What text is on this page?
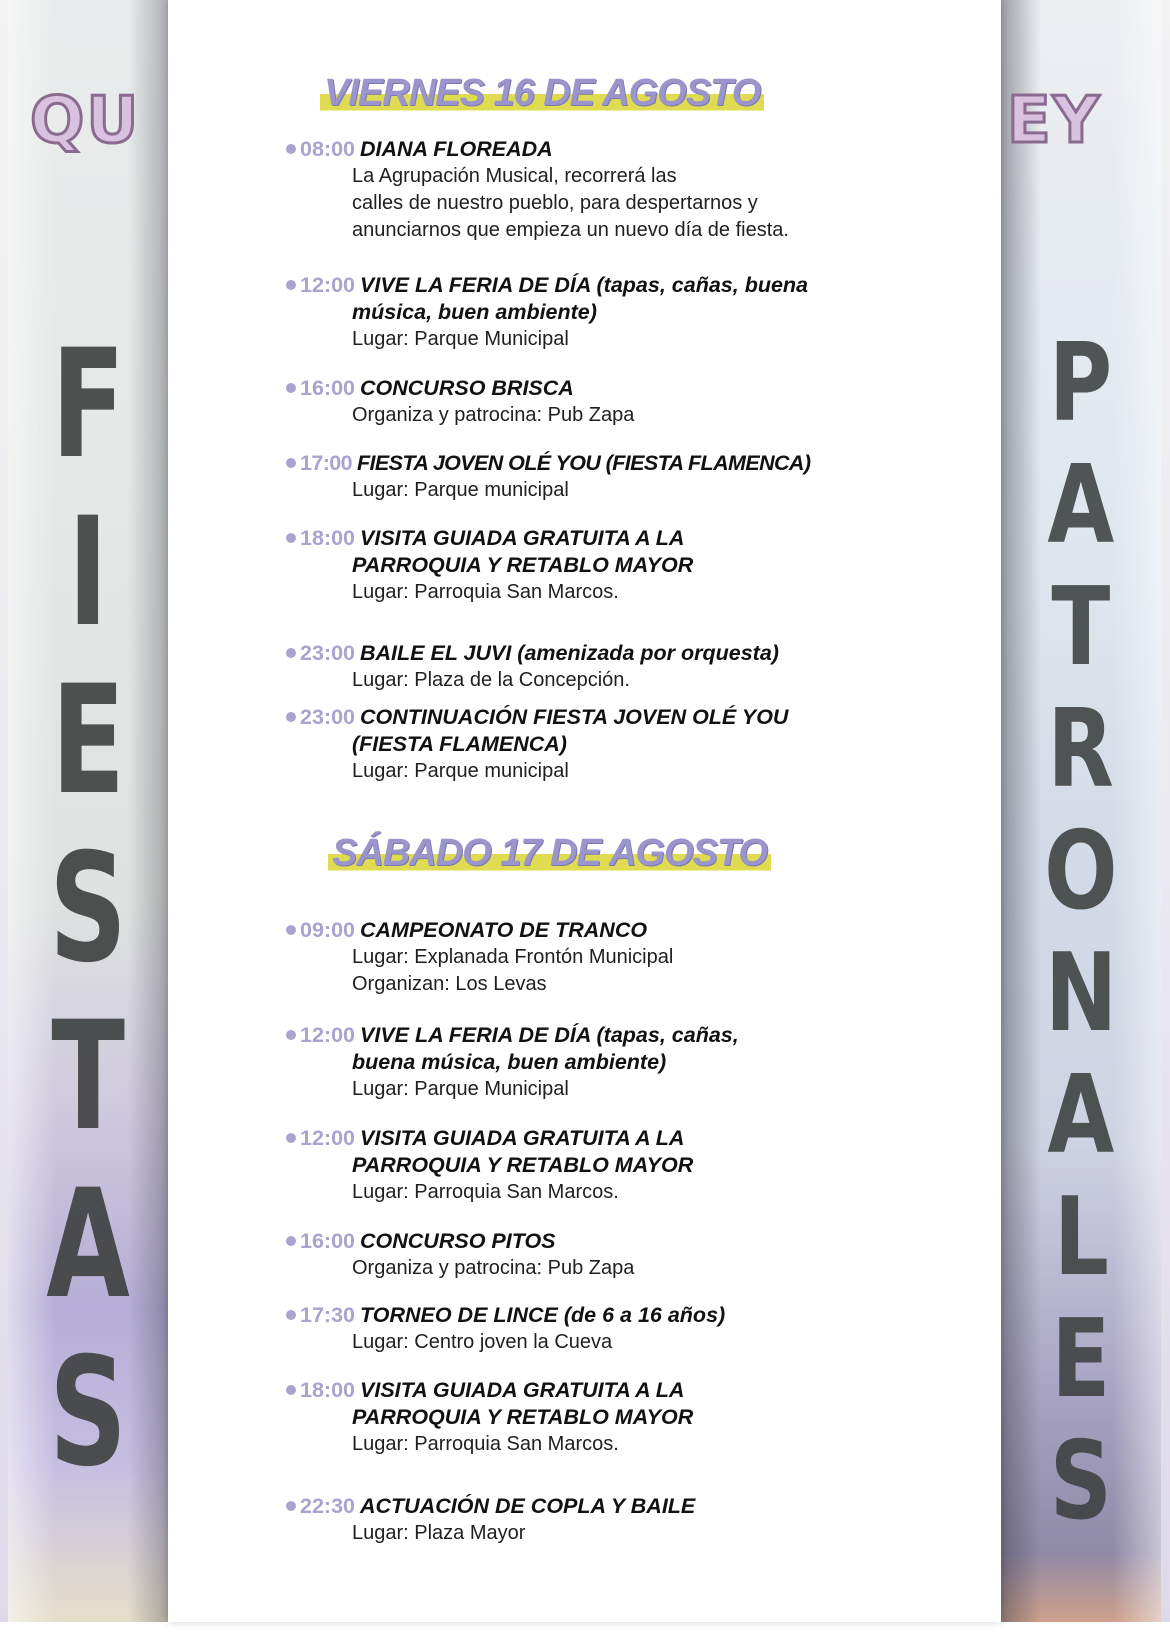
QU
F
I
E
S
T
A
S
EY
P
A
T
R
O
N
A
L
E
S
VIERNES 16 DE AGOSTO
08:00 DIANA FLOREADA
La Agrupación Musical, recorrerá las
calles de nuestro pueblo, para despertarnos y
anunciarnos que empieza un nuevo día de fiesta.
12:00 VIVE LA FERIA DE DÍA (tapas, cañas, buena
música, buen ambiente)
Lugar: Parque Municipal
16:00 CONCURSO BRISCA
Organiza y patrocina: Pub Zapa
17:00 FIESTA JOVEN OLÉ YOU (FIESTA FLAMENCA)
Lugar: Parque municipal
18:00 VISITA GUIADA GRATUITA A LA
PARROQUIA Y RETABLO MAYOR
Lugar: Parroquia San Marcos.
23:00 BAILE EL JUVI (amenizada por orquesta)
Lugar: Plaza de la Concepción.
23:00 CONTINUACIÓN FIESTA JOVEN OLÉ YOU
(FIESTA FLAMENCA)
Lugar: Parque municipal
SÁBADO 17 DE AGOSTO
09:00 CAMPEONATO DE TRANCO
Lugar: Explanada Frontón Municipal
Organizan: Los Levas
12:00 VIVE LA FERIA DE DÍA (tapas, cañas,
buena música, buen ambiente)
Lugar: Parque Municipal
12:00 VISITA GUIADA GRATUITA A LA
PARROQUIA Y RETABLO MAYOR
Lugar: Parroquia San Marcos.
16:00 CONCURSO PITOS
Organiza y patrocina: Pub Zapa
17:30 TORNEO DE LINCE (de 6 a 16 años)
Lugar: Centro joven la Cueva
18:00 VISITA GUIADA GRATUITA A LA
PARROQUIA Y RETABLO MAYOR
Lugar: Parroquia San Marcos.
22:30 ACTUACIÓN DE COPLA Y BAILE
Lugar: Plaza Mayor
